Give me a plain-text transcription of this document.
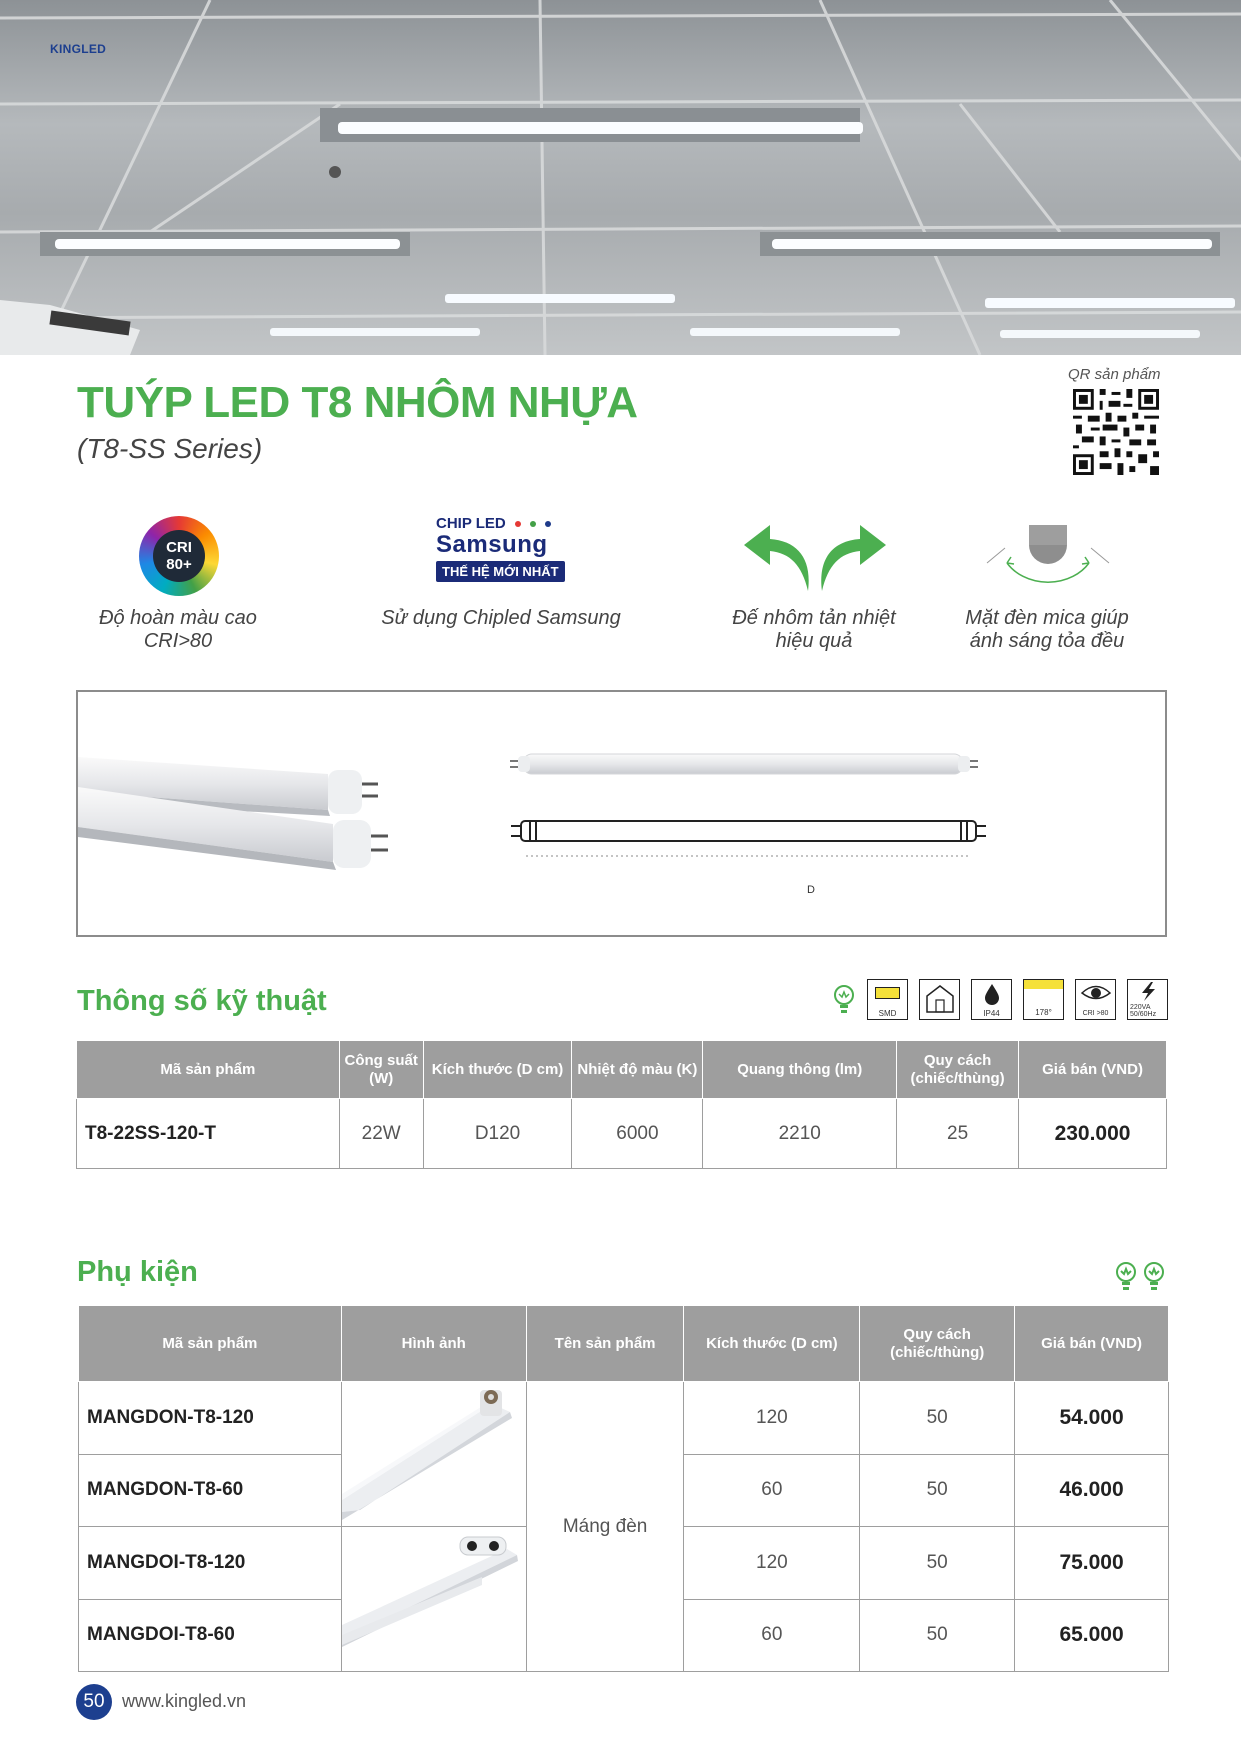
KINGLED
TUÝP LED T8 NHÔM NHỰA
(T8-SS Series)
QR sản phẩm
CRI
80+
Độ hoàn màu cao CRI>80
CHIP LED
Samsung
THẾ HỆ MỚI NHẤT
Sử dụng Chipled Samsung	Đế nhôm tản nhiệt hiệu quả
Mặt đèn mica giúp ánh sáng tỏa đều
D
Thông số kỹ thuật	SMD	IP44	178°	CRI >80
220VA 50/60Hz
Mã sản phẩm	Công suất (W)	Kích thước (D cm)	Nhiệt độ màu (K)	Quang thông (lm)	Quy cách (chiếc/thùng)	Giá bán (VND)
T8-22SS-120-T	22W	D120	6000	2210	25	230.000
Phụ kiện
Mã sản phẩm	Hình ảnh	Tên sản phẩm	Kích thước (D cm)	Quy cách (chiếc/thùng)	Giá bán (VND)
MANGDON-T8-120		Máng đèn	120	50	54.000
MANGDON-T8-60			60	50	46.000
MANGDOI-T8-120			120	50	75.000
MANGDOI-T8-60			60	50	65.000
50 www.kingled.vn
